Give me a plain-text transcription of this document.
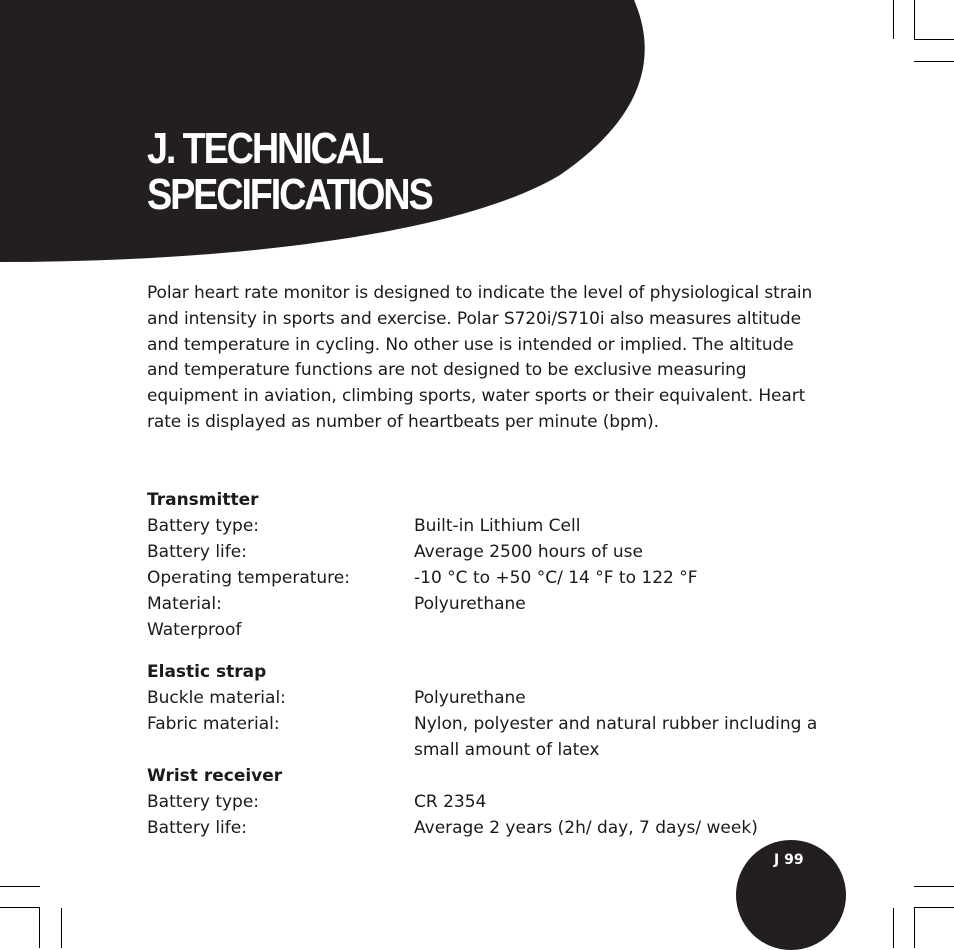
J. TECHNICAL
SPECIFICATIONS

Polar heart rate monitor is designed to indicate the level of physiological strain and intensity in sports and exercise. Polar S720i/S710i also measures altitude and temperature in cycling. No other use is intended or implied. The altitude and temperature functions are not designed to be exclusive measuring equipment in aviation, climbing sports, water sports or their equivalent. Heart rate is displayed as number of heartbeats per minute (bpm).

Transmitter
Battery type:	Built-in Lithium Cell
Battery life:	Average 2500 hours of use
Operating temperature:	-10 °C to +50 °C/ 14 °F to 122 °F
Material:	Polyurethane
Waterproof
Elastic strap
Buckle material:	Polyurethane
Fabric material:	Nylon, polyester and natural rubber including a small amount of latex
Wrist receiver
Battery type:	CR 2354
Battery life:	Average 2 years (2h/ day, 7 days/ week)
J 99
